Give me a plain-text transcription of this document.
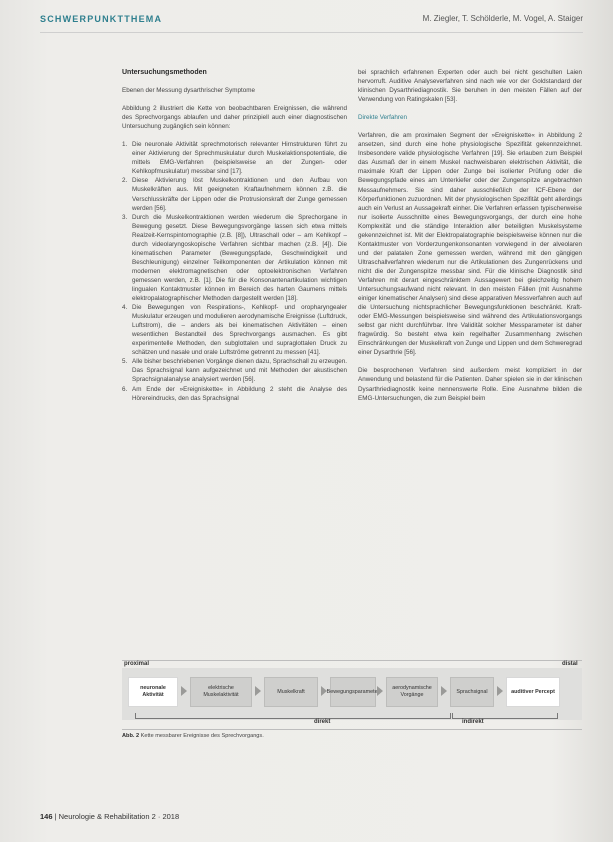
SCHWERPUNKTTHEMA	M. Ziegler, T. Schölderle, M. Vogel, A. Staiger
Untersuchungsmethoden
Ebenen der Messung dysarthrischer Symptome
Abbildung 2 illustriert die Kette von beobachtbaren Ereignissen, die während des Sprechvorgangs ablaufen und daher prinzipiell auch einer diagnostischen Untersuchung zugänglich sein können:
1. Die neuronale Aktivität sprechmotorisch relevanter Hirnstrukturen führt zu einer Aktivierung der Sprechmuskulatur durch Muskelaktionspotentiale, die mittels EMG-Verfahren (beispielsweise an der Zungen- oder Kehlkopfmuskulatur) messbar sind [17].
2. Diese Aktivierung löst Muskelkontraktionen und den Aufbau von Muskelkräften aus. Mit geeigneten Kraftaufnehmern können z.B. die Verschlusskräfte der Lippen oder die Protrusionskraft der Zunge gemessen werden [56].
3. Durch die Muskelkontraktionen werden wiederum die Sprechorgane in Bewegung gesetzt. Diese Bewegungsvorgänge lassen sich etwa mittels Realzeit-Kernspintomographie (z.B. [8]), Ultraschall oder – am Kehlkopf – durch videolaryngoskopische Verfahren sichtbar machen (z.B. [4]). Die kinematischen Parameter (Bewegungspfade, Geschwindigkeit und Beschleunigung) einzelner Teilkomponenten der Artikulation können mit modernen elektromagnetischen oder optoelektronischen Verfahren gemessen werden, z.B. [1]. Die für die Konsonantenartikulation wichtigen lingualen Kontaktmuster können im Bereich des harten Gaumens mittels elektropalatographischer Methoden dargestellt werden [18].
4. Die Bewegungen von Respirations-, Kehlkopf- und oropharyngealer Muskulatur erzeugen und modulieren aerodynamische Ereignisse (Luftdruck, Luftstrom), die – anders als bei kinematischen Aktivitäten – einen wesentlichen Bestandteil des Sprechvorgangs ausmachen. Es gibt experimentelle Methoden, den subglottalen und supraglottalen Druck zu schätzen und nasale und orale Luftströme getrennt zu messen [41].
5. Alle bisher beschriebenen Vorgänge dienen dazu, Sprachschall zu erzeugen. Das Sprachsignal kann aufgezeichnet und mit Methoden der akustischen Sprachsignalanalyse analysiert werden [56].
6. Am Ende der »Ereigniskette« in Abbildung 2 steht die Analyse des Hörereindrucks, den das Sprachsignal
bei sprachlich erfahrenen Experten oder auch bei nicht geschulten Laien hervorruft. Auditive Analyseverfahren sind nach wie vor der Goldstandard der klinischen Dysarthriediagnostik. Sie beruhen in den meisten Fällen auf der Verwendung von Ratingskalen [53].
Direkte Verfahren
Verfahren, die am proximalen Segment der »Ereigniskette« in Abbildung 2 ansetzen, sind durch eine hohe physiologische Spezifität gekennzeichnet. Insbesondere valide physiologische Verfahren [19]. Sie erlauben zum Beispiel das Ausmaß der in einem Muskel nachweisbaren elektrischen Aktivität, die maximale Kraft der Lippen oder Zunge bei isolierter Prüfung oder die Bewegungspfade eines am Unterkiefer oder der Zungenspitze angebrachten Messaufnehmers. Sie sind daher ausschließlich der ICF-Ebene der Körperfunktionen zuzuordnen. Mit der physiologischen Spezifität geht allerdings auch ein Verlust an Aussagekraft einher. Die Verfahren erfassen typischerweise nur isolierte Ausschnitte eines Bewegungsvorgangs, der durch eine hohe Komplexität und die ständige Interaktion aller beteiligten Muskelsysteme gekennzeichnet ist. Mit der Elektropalatographie beispielsweise können nur die Kontaktmuster von Vorderzungenkonsonanten vorwiegend in der alveolaren und der palatalen Zone gemessen werden, während mit den gängigen Ultraschallverfahren wiederum nur die Artikulationen des Zungenrückens und nicht die der Zungenspitze messbar sind. Für die klinische Diagnostik sind Verfahren mit derart eingeschränktem Aussagewert bei gleichzeitig hohem Untersuchungsaufwand nicht relevant. In den meisten Fällen (mit Ausnahme einiger kinematischer Analysen) sind diese apparativen Messverfahren auch auf die Untersuchung nichtsprachlicher Bewegungsfunktionen beschränkt. Kraft- oder EMG-Messungen beispielsweise sind während des Artikulationsvorgangs selbst gar nicht durchführbar. Ihre Validität solcher Messparameter ist daher fragwürdig. So besteht etwa kein regelhafter Zusammenhang zwischen Einschränkungen der Muskelkraft von Zunge und Lippen und dem Schweregrad einer Dysarthrie [56].
Die besprochenen Verfahren sind außerdem meist kompliziert in der Anwendung und belastend für die Patienten. Daher spielen sie in der klinischen Dysarthriediagnostik keine nennenswerte Rolle. Eine Ausnahme bilden die EMG-Untersuchungen, die zum Beispiel beim
proximal	distal
neuronale Aktivität
elektrische Muskelaktivität
Muskelkraft	Bewegungsparameter
aerodynamische Vorgänge
Sprachsignal	auditiver Percept
direkt	indirekt
Abb. 2 Kette messbarer Ereignisse des Sprechvorgangs.
146 | Neurologie & Rehabilitation 2 · 2018
